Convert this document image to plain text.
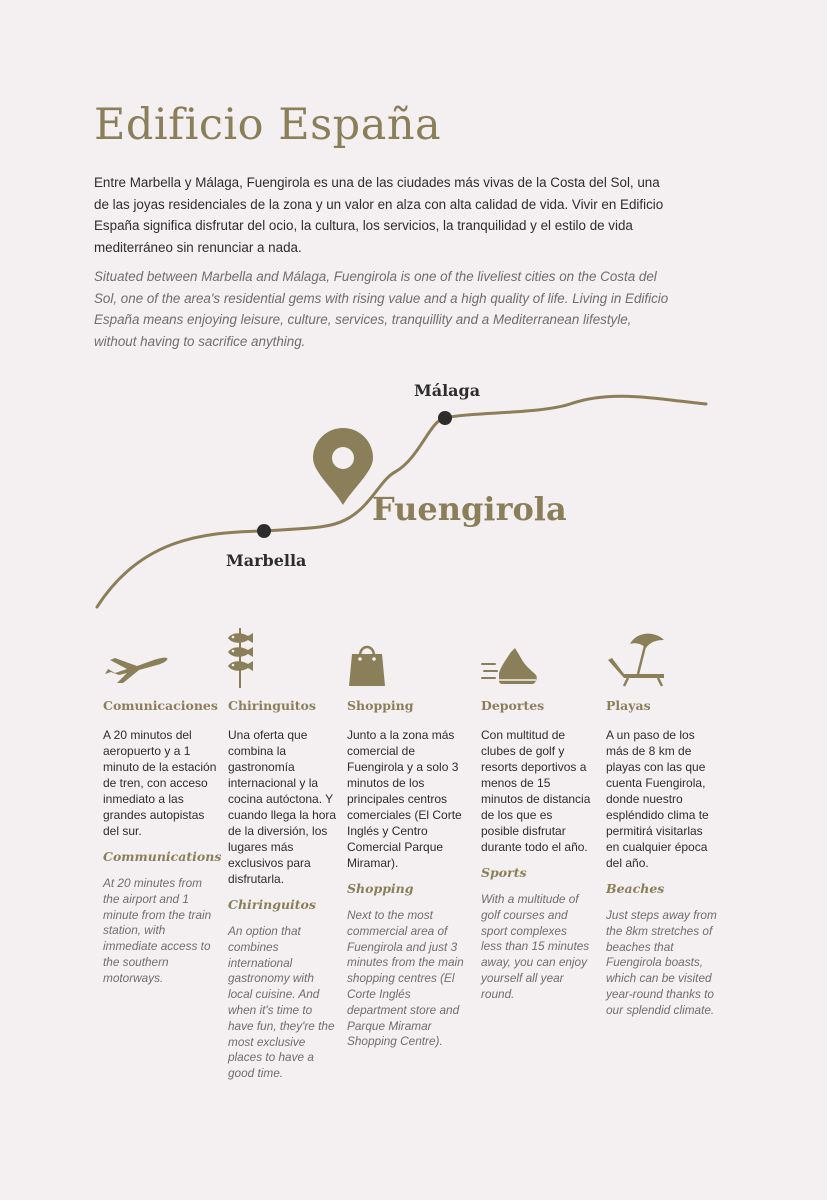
Edificio España

Entre Marbella y Málaga, Fuengirola es una de las ciudades más vivas de la Costa del Sol, una de las joyas residenciales de la zona y un valor en alza con alta calidad de vida. Vivir en Edificio España significa disfrutar del ocio, la cultura, los servicios, la tranquilidad y el estilo de vida mediterráneo sin renunciar a nada.

Situated between Marbella and Málaga, Fuengirola is one of the liveliest cities on the Costa del Sol, one of the area's residential gems with rising value and a high quality of life. Living in Edificio España means enjoying leisure, culture, services, tranquillity and a Mediterranean lifestyle, without having to sacrifice anything.

Málaga
Marbella
Fuengirola
Comunicaciones

A 20 minutos del aeropuerto y a 1 minuto de la estación de tren, con acceso inmediato a las grandes autopistas del sur.

Communications

At 20 minutes from the airport and 1 minute from the train station, with immediate access to the southern motorways.

Chiringuitos

Una oferta que combina la gastronomía internacional y la cocina autóctona. Y cuando llega la hora de la diversión, los lugares más exclusivos para disfrutarla.

Chiringuitos

An option that combines international gastronomy with local cuisine. And when it's time to have fun, they're the most exclusive places to have a good time.

Shopping

Junto a la zona más comercial de Fuengirola y a solo 3 minutos de los principales centros comerciales (El Corte Inglés y Centro Comercial Parque Miramar).

Shopping

Next to the most commercial area of Fuengirola and just 3 minutes from the main shopping centres (El Corte Inglés department store and Parque Miramar Shopping Centre).

Deportes

Con multitud de clubes de golf y resorts deportivos a menos de 15 minutos de distancia de los que es posible disfrutar durante todo el año.

Sports

With a multitude of golf courses and sport complexes less than 15 minutes away, you can enjoy yourself all year round.

Playas

A un paso de los más de 8 km de playas con las que cuenta Fuengirola, donde nuestro espléndido clima te permitirá visitarlas en cualquier época del año.

Beaches

Just steps away from the 8km stretches of beaches that Fuengirola boasts, which can be visited year-round thanks to our splendid climate.
